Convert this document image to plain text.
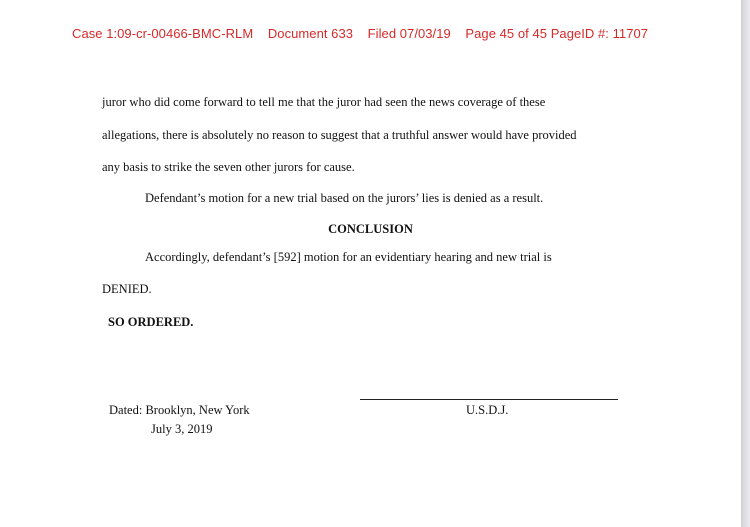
Case 1:09-cr-00466-BMC-RLM Document 633 Filed 07/03/19 Page 45 of 45 PageID #: 11707
juror who did come forward to tell me that the juror had seen the news coverage of these
allegations, there is absolutely no reason to suggest that a truthful answer would have provided
any basis to strike the seven other jurors for cause.
Defendant’s motion for a new trial based on the jurors’ lies is denied as a result.
CONCLUSION
Accordingly, defendant’s [592] motion for an evidentiary hearing and new trial is
DENIED.
SO ORDERED.
U.S.D.J.
Dated: Brooklyn, New York
July 3, 2019
